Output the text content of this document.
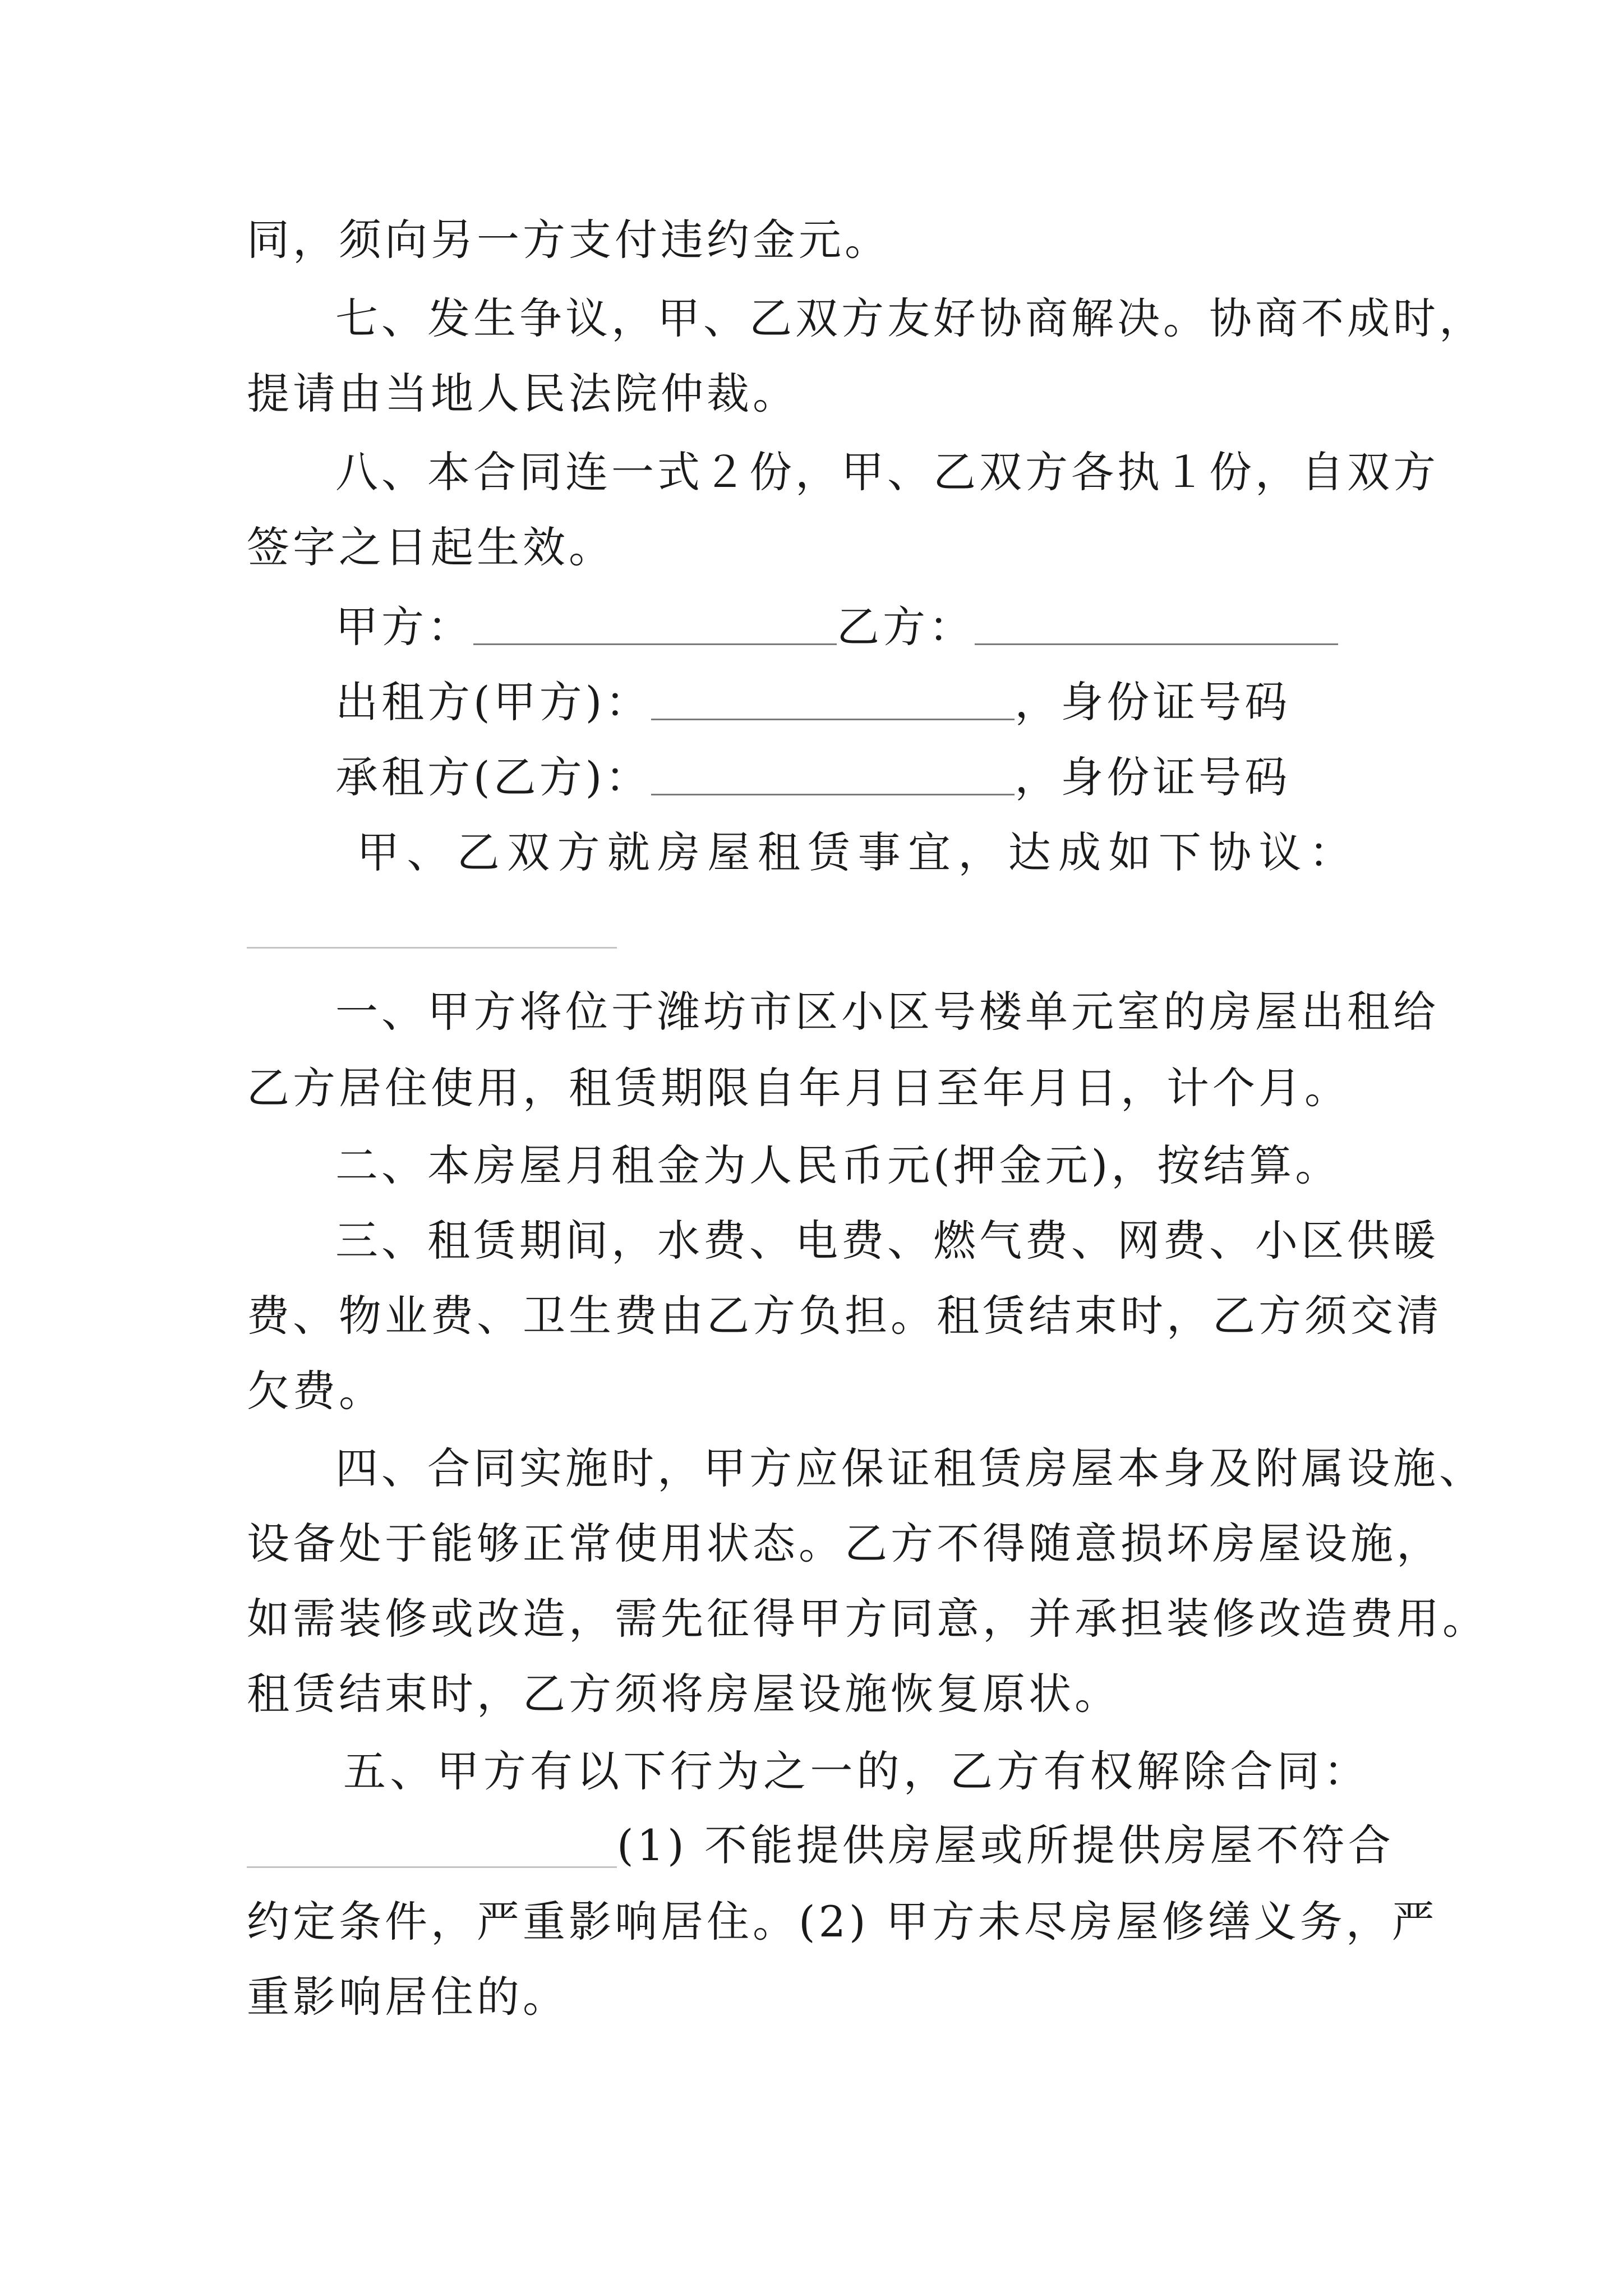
同，须向另一方支付违约金元。
七、发生争议，甲、乙双方友好协商解决。协商不成时，
提请由当地人民法院仲裁。
八、本合同连一式２份，甲、乙双方各执１份，自双方
签字之日起生效。
甲方：	乙方：
出租方(甲方)：	，身份证号码
承租方(乙方)：	，身份证号码
甲 、 乙 双 方 就 房 屋 租 赁 事 宜 ， 达 成 如 下 协 议 ：
一、甲方将位于潍坊市区小区号楼单元室的房屋出租给
乙方居住使用，租赁期限自年月日至年月日，计个月。
二、本房屋月租金为人民币元(押金元)，按结算。
三、租赁期间，水费、电费、燃气费、网费、小区供暖
费、物业费、卫生费由乙方负担。租赁结束时，乙方须交清
欠费。
四、合同实施时，甲方应保证租赁房屋本身及附属设施、
设备处于能够正常使用状态。乙方不得随意损坏房屋设施，
如需装修或改造，需先征得甲方同意，并承担装修改造费用。
租赁结束时，乙方须将房屋设施恢复原状。
五 、 甲 方 有 以 下 行 为 之 一 的 ， 乙 方 有 权 解 除 合 同 ：
(1) 不能提供房屋或所提供房屋不符合
约定条件，严重影响居住。(2) 甲方未尽房屋修缮义务，严
重影响居住的。
